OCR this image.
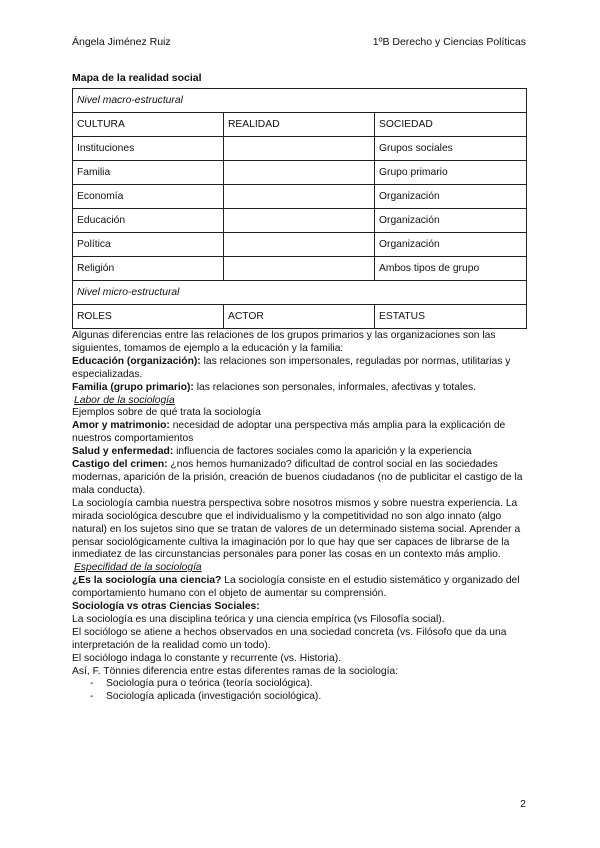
Ángela Jiménez Ruiz	1ºB Derecho y Ciencias Políticas
Mapa de la realidad social
Nivel macro-estructural		
CULTURA	REALIDAD	SOCIEDAD
Instituciones		Grupos sociales
Familia		Grupo primario
Economía		Organización
Educación		Organización
Política		Organización
Religión		Ambos tipos de grupo
Nivel micro-estructural		
ROLES	ACTOR	ESTATUS

Algunas diferencias entre las relaciones de los grupos primarios y las organizaciones son las siguientes, tomamos de ejemplo a la educación y la familia:

Educación (organización): las relaciones son impersonales, reguladas por normas, utilitarias y especializadas.

Familia (grupo primario): las relaciones son personales, informales, afectivas y totales.

Labor de la sociología

Ejemplos sobre de qué trata la sociología

Amor y matrimonio: necesidad de adoptar una perspectiva más amplia para la explicación de nuestros comportamientos

Salud y enfermedad: influencia de factores sociales como la aparición y la experiencia

Castigo del crimen: ¿nos hemos humanizado? dificultad de control social en las sociedades modernas, aparición de la prisión, creación de buenos ciudadanos (no de publicitar el castigo de la mala conducta).

La sociología cambia nuestra perspectiva sobre nosotros mismos y sobre nuestra experiencia. La mirada sociológica descubre que el individualismo y la competitividad no son algo innato (algo natural) en los sujetos sino que se tratan de valores de un determinado sistema social. Aprender a pensar sociológicamente cultiva la imaginación por lo que hay que ser capaces de librarse de la inmediatez de las circunstancias personales para poner las cosas en un contexto más amplio.

Especifidad de la sociología

¿Es la sociología una ciencia? La sociología consiste en el estudio sistemático y organizado del comportamiento humano con el objeto de aumentar su comprensión.

Sociología vs otras Ciencias Sociales:

La sociología es una disciplina teórica y una ciencia empírica (vs Filosofía social).

El sociólogo se atiene a hechos observados en una sociedad concreta (vs. Filósofo que da una interpretación de la realidad como un todo).

El sociólogo indaga lo constante y recurrente (vs. Historia).

Así, F. Tönnies diferencia entre estas diferentes ramas de la sociología:

- Sociología pura o teórica (teoría sociológica).
- Sociología aplicada (investigación sociológica).
2
